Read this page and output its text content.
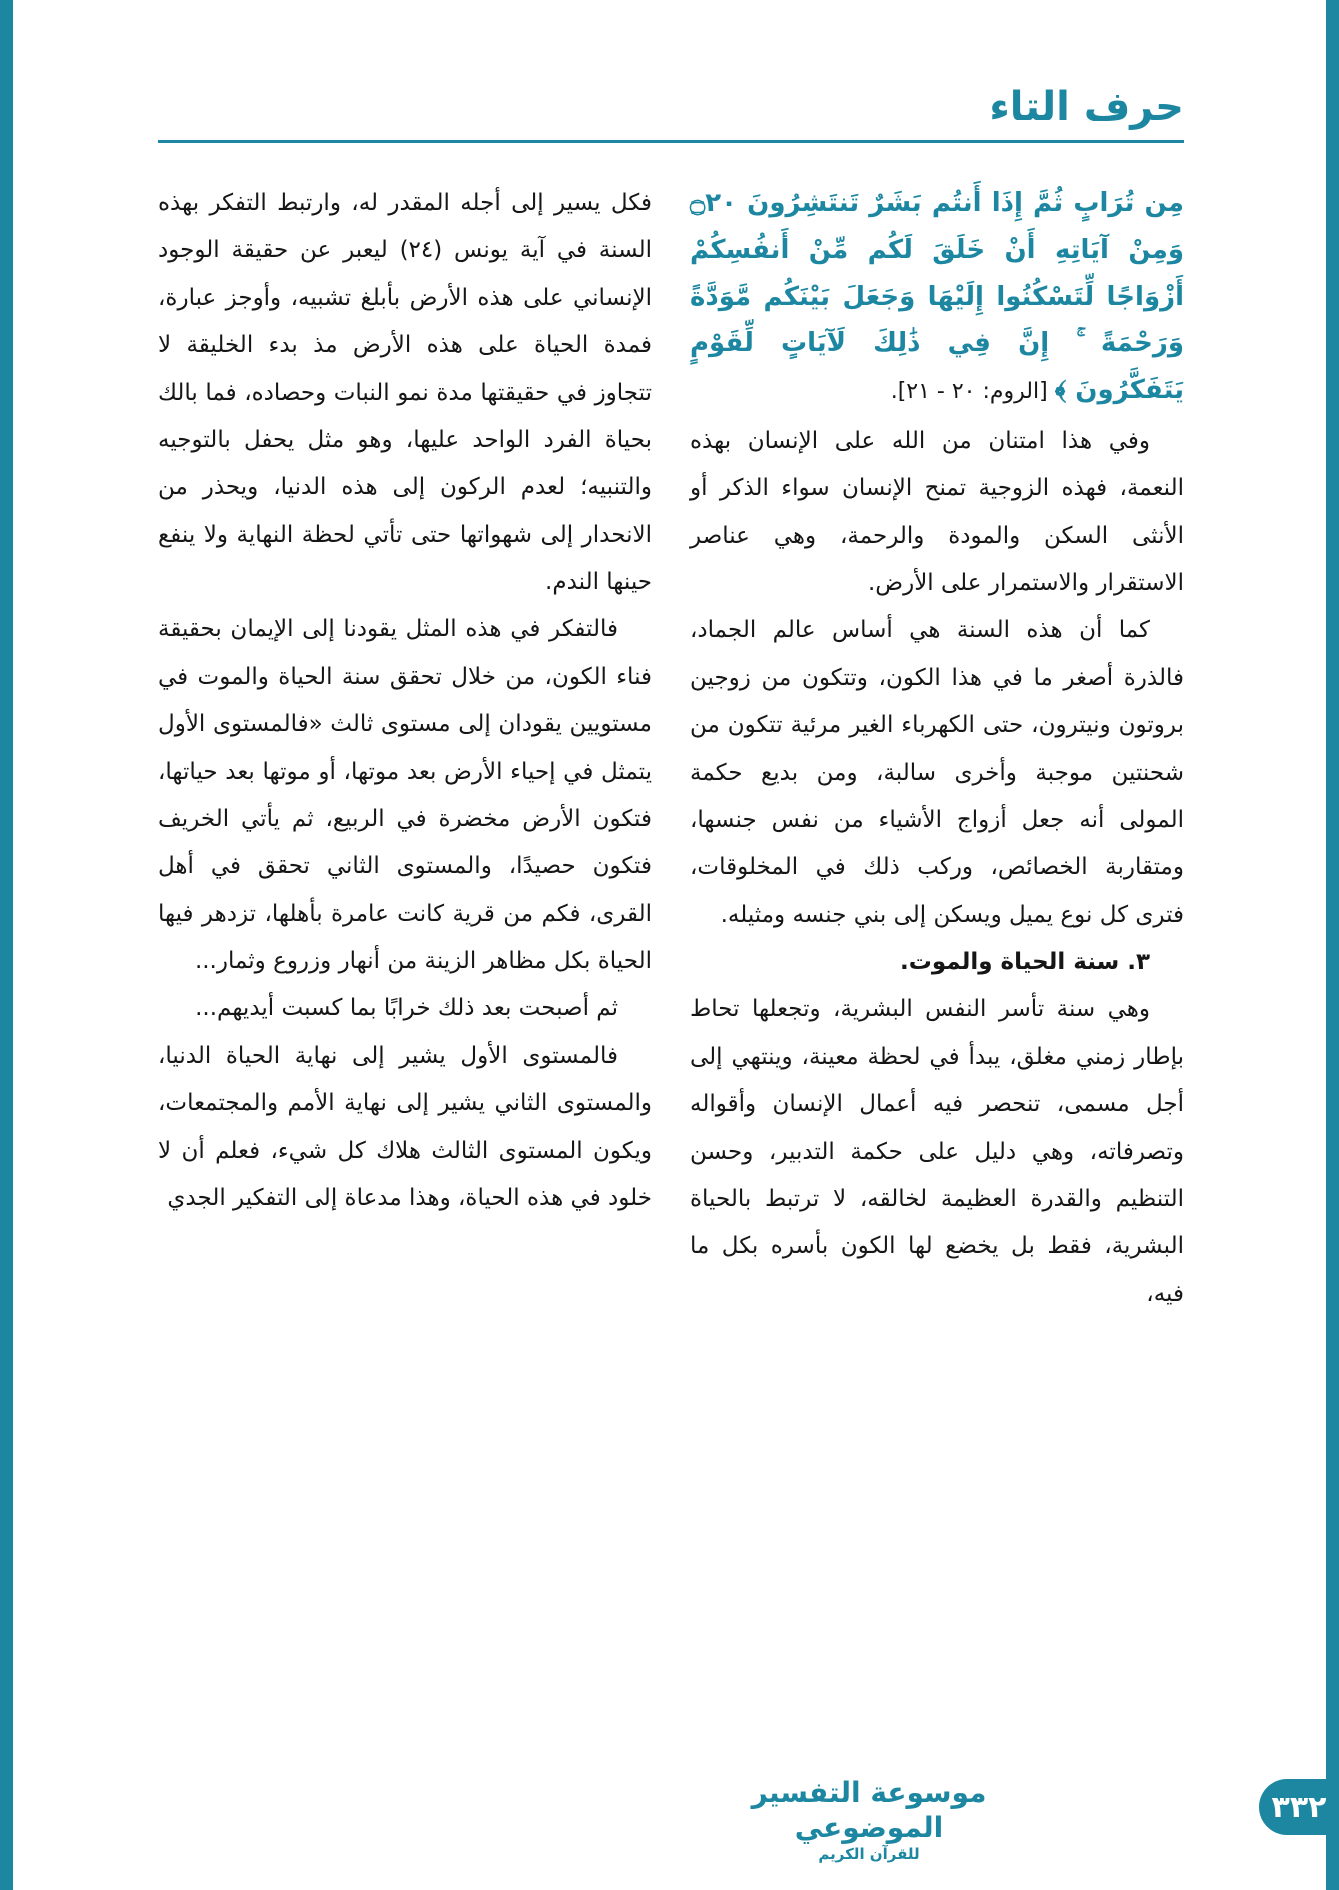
حرف التاء

مِن تُرَابٍ ثُمَّ إِذَا أَنتُم بَشَرٌ تَنتَشِرُونَ ۝٢٠ وَمِنْ آيَاتِهِ أَنْ خَلَقَ لَكُم مِّنْ أَنفُسِكُمْ أَزْوَاجًا لِّتَسْكُنُوا إِلَيْهَا وَجَعَلَ بَيْنَكُم مَّوَدَّةً وَرَحْمَةً ۚ إِنَّ فِي ذَٰلِكَ لَآيَاتٍ لِّقَوْمٍ يَتَفَكَّرُونَ ﴾ [الروم: ٢٠ - ٢١].

وفي هذا امتنان من الله على الإنسان بهذه النعمة، فهذه الزوجية تمنح الإنسان سواء الذكر أو الأنثى السكن والمودة والرحمة، وهي عناصر الاستقرار والاستمرار على الأرض.

كما أن هذه السنة هي أساس عالم الجماد، فالذرة أصغر ما في هذا الكون، وتتكون من زوجين بروتون ونيترون، حتى الكهرباء الغير مرئية تتكون من شحنتين موجبة وأخرى سالبة، ومن بديع حكمة المولى أنه جعل أزواج الأشياء من نفس جنسها، ومتقاربة الخصائص، وركب ذلك في المخلوقات، فترى كل نوع يميل ويسكن إلى بني جنسه ومثيله.

٣. سنة الحياة والموت.

وهي سنة تأسر النفس البشرية، وتجعلها تحاط بإطار زمني مغلق، يبدأ في لحظة معينة، وينتهي إلى أجل مسمى، تنحصر فيه أعمال الإنسان وأقواله وتصرفاته، وهي دليل على حكمة التدبير، وحسن التنظيم والقدرة العظيمة لخالقه، لا ترتبط بالحياة البشرية، فقط بل يخضع لها الكون بأسره بكل ما فيه،

فكل يسير إلى أجله المقدر له، وارتبط التفكر بهذه السنة في آية يونس (٢٤) ليعبر عن حقيقة الوجود الإنساني على هذه الأرض بأبلغ تشبيه، وأوجز عبارة، فمدة الحياة على هذه الأرض مذ بدء الخليقة لا تتجاوز في حقيقتها مدة نمو النبات وحصاده، فما بالك بحياة الفرد الواحد عليها، وهو مثل يحفل بالتوجيه والتنبيه؛ لعدم الركون إلى هذه الدنيا، ويحذر من الانحدار إلى شهواتها حتى تأتي لحظة النهاية ولا ينفع حينها الندم.

فالتفكر في هذه المثل يقودنا إلى الإيمان بحقيقة فناء الكون، من خلال تحقق سنة الحياة والموت في مستويين يقودان إلى مستوى ثالث «فالمستوى الأول يتمثل في إحياء الأرض بعد موتها، أو موتها بعد حياتها، فتكون الأرض مخضرة في الربيع، ثم يأتي الخريف فتكون حصيدًا، والمستوى الثاني تحقق في أهل القرى، فكم من قرية كانت عامرة بأهلها، تزدهر فيها الحياة بكل مظاهر الزينة من أنهار وزروع وثمار...

ثم أصبحت بعد ذلك خرابًا بما كسبت أيديهم...

فالمستوى الأول يشير إلى نهاية الحياة الدنيا، والمستوى الثاني يشير إلى نهاية الأمم والمجتمعات، ويكون المستوى الثالث هلاك كل شيء، فعلم أن لا خلود في هذه الحياة، وهذا مدعاة إلى التفكير الجدي

موسوعة التفسير الموضوعي
للقرآن الكريم
٣٣٢
